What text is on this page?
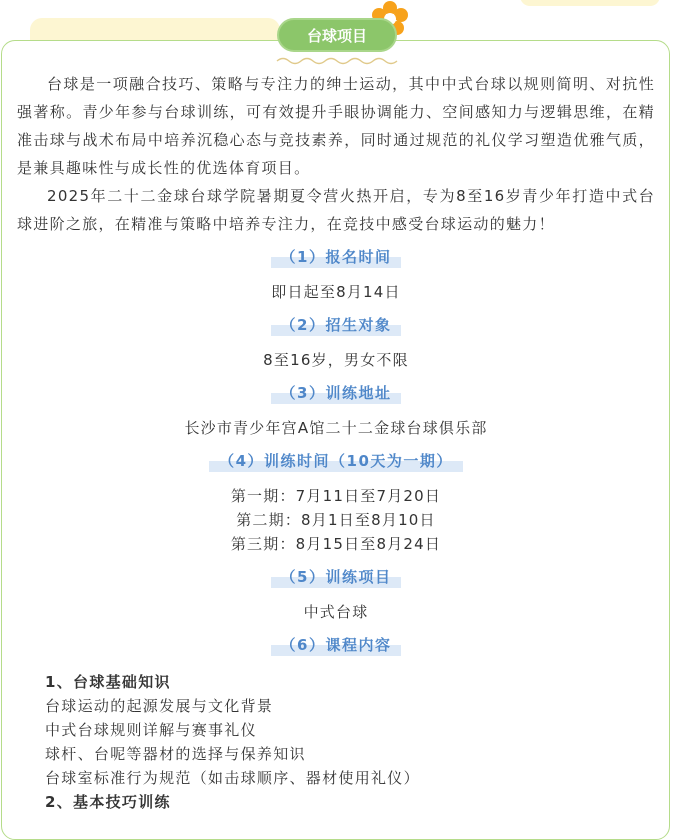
台球项目

台球是一项融合技巧、策略与专注力的绅士运动，其中中式台球以规则简明、对抗性强著称。青少年参与台球训练，可有效提升手眼协调能力、空间感知力与逻辑思维，在精准击球与战术布局中培养沉稳心态与竞技素养，同时通过规范的礼仪学习塑造优雅气质，是兼具趣味性与成长性的优选体育项目。

2025年二十二金球台球学院暑期夏令营火热开启，专为8至16岁青少年打造中式台球进阶之旅，在精准与策略中培养专注力，在竞技中感受台球运动的魅力！

（1）报名时间

即日起至8月14日

（2）招生对象

8至16岁，男女不限

（3）训练地址

长沙市青少年宫A馆二十二金球台球俱乐部

（4）训练时间（10天为一期）

第一期：7月11日至7月20日

第二期：8月1日至8月10日

第三期：8月15日至8月24日

（5）训练项目

中式台球

（6）课程内容
1、台球基础知识
台球运动的起源发展与文化背景
中式台球规则详解与赛事礼仪
球杆、台呢等器材的选择与保养知识
台球室标准行为规范（如击球顺序、器材使用礼仪）
2、基本技巧训练
